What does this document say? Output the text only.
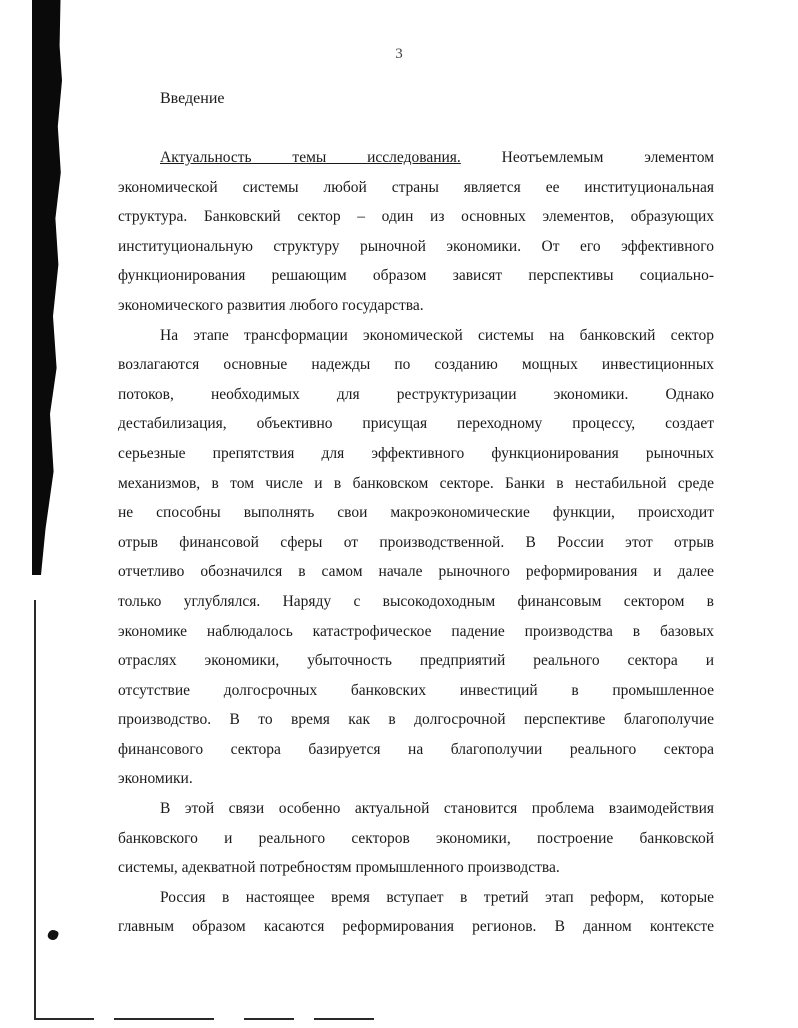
3
Введение

Актуальность темы исследования.	Неотъемлемым элементом

экономической системы любой страны является ее институциональная

структура. Банковский сектор – один из основных элементов, образующих

институциональную структуру рыночной экономики. От его эффективного

функционирования решающим образом зависят перспективы социально-

экономического развития любого государства.

На этапе трансформации экономической системы на банковский сектор

возлагаются основные надежды по созданию мощных инвестиционных

потоков, необходимых для реструктуризации экономики. Однако

дестабилизация, объективно присущая переходному процессу, создает

серьезные препятствия для эффективного функционирования рыночных

механизмов, в том числе и в банковском секторе. Банки в нестабильной среде

не способны выполнять свои макроэкономические функции, происходит

отрыв финансовой сферы от производственной. В России этот отрыв

отчетливо обозначился в самом начале рыночного реформирования и далее

только углублялся. Наряду с высокодоходным финансовым сектором в

экономике наблюдалось катастрофическое падение производства в базовых

отраслях экономики, убыточность предприятий реального сектора и

отсутствие долгосрочных банковских инвестиций в промышленное

производство. В то время как в долгосрочной перспективе благополучие

финансового сектора базируется на благополучии реального сектора

экономики.

В этой связи особенно актуальной становится проблема взаимодействия

банковского и реального секторов экономики, построение банковской

системы, адекватной потребностям промышленного производства.

Россия в настоящее время вступает в третий этап реформ, которые

главным образом касаются реформирования регионов. В данном контексте
